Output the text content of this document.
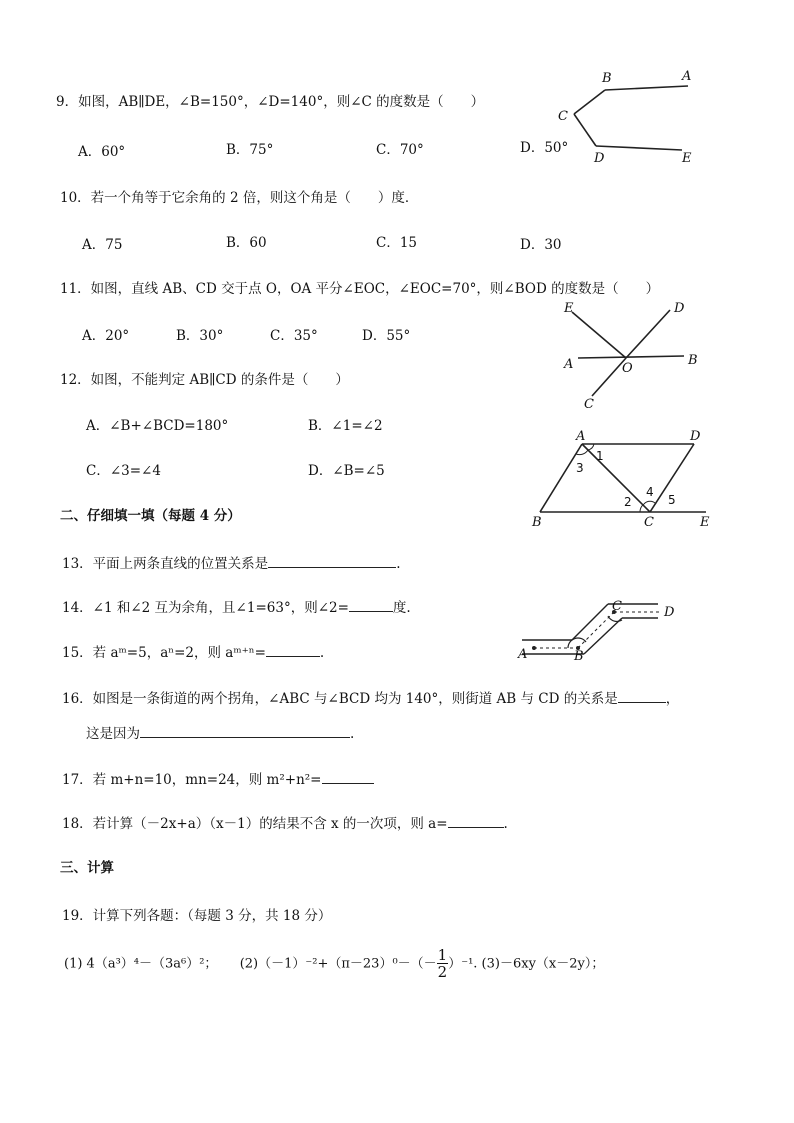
9．如图，AB∥DE，∠B=150°，∠D=140°，则∠C 的度数是（　　）
A．60°	B．75°	C．70°	D．50°
B	A
C
D	E
10．若一个角等于它余角的 2 倍，则这个角是（　　）度．
A．75	B．60	C．15	D．30
11．如图，直线 AB、CD 交于点 O，OA 平分∠EOC，∠EOC=70°，则∠BOD 的度数是（　　）
A．20°	B．30°	C．35°	D．55°
E	D
A	O
B
C
12．如图，不能判定 AB∥CD 的条件是（　　）
A．∠B+∠BCD=180°	B．∠1=∠2
C．∠3=∠4	D．∠B=∠5
A	D
1
3
2
4
5
B	C	E
二、仔细填一填（每题 4 分）
13．平面上两条直线的位置关系是	.
14．∠1 和∠2 互为余角，且∠1=63°，则∠2=	度.
15．若 aᵐ=5，aⁿ=2，则 aᵐ⁺ⁿ=	.
C	D
A	B
16．如图是一条街道的两个拐角，∠ABC 与∠BCD 均为 140°，则街道 AB 与 CD 的关系是	，
这是因为	.
17．若 m+n=10，mn=24，则 m²+n²=
18．若计算（－2x+a）（x－1）的结果不含 x 的一次项，则 a=	.
三、计算
19．计算下列各题：（每题 3 分，共 18 分）
(1) 4（a³）⁴－（3a⁶）²； $(2)(-1)^{-2}+(\pi-23)^0-(- \frac{1}{2} )^{-1}$. (3)－6xy（x－2y）；
